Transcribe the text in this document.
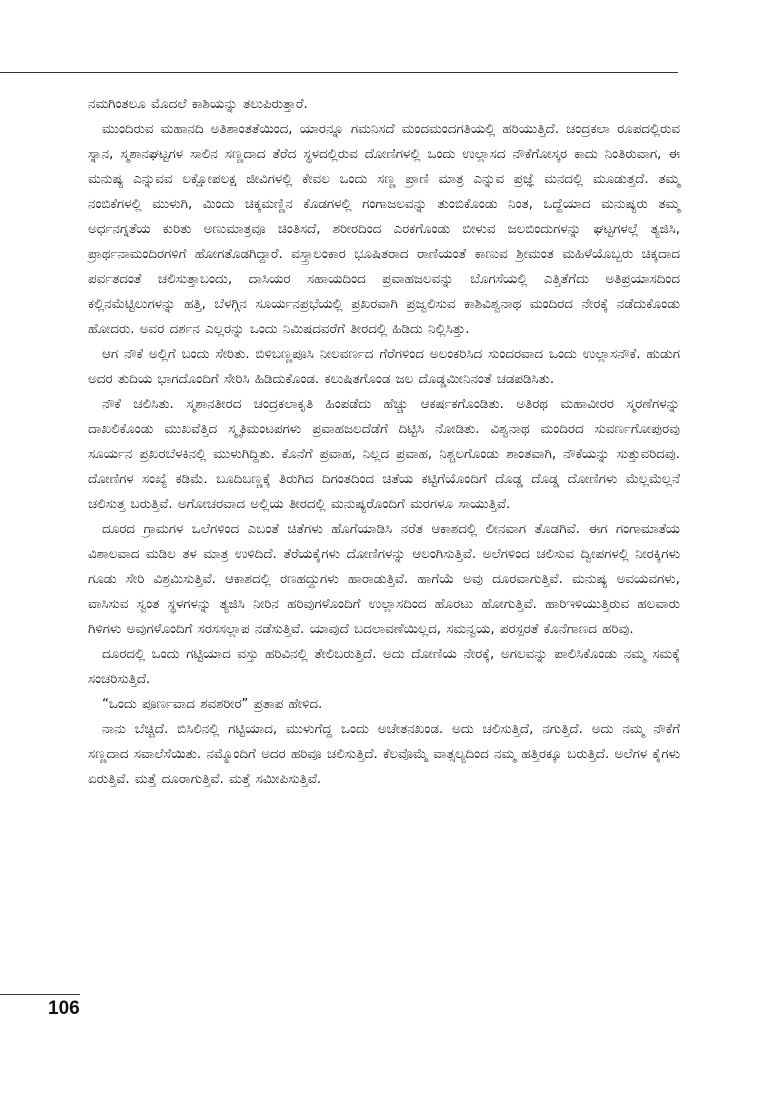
ನಮಗಿಂತಲೂ ಮೊದಲೆ ಕಾಶಿಯನ್ನು ತಲುಪಿರುತ್ತಾರೆ.

ಮುಂದಿರುವ ಮಹಾನದಿ ಅತಿಶಾಂತತೆಯಿಂದ, ಯಾರನ್ನೂ ಗಮನಿಸದೆ ಮಂದಮಂದಗತಿಯಲ್ಲಿ ಹರಿಯುತ್ತಿದೆ. ಚಂದ್ರಕಲಾ ರೂಪದಲ್ಲಿರುವ ಸ್ನಾನ, ಸ್ಮಶಾನಘಟ್ಟಗಳ ಸಾಲಿನ ಸಣ್ಣದಾದ ತೆರೆದ ಸ್ಥಳದಲ್ಲಿರುವ ದೋಣಿಗಳಲ್ಲಿ ಒಂದು ಉಲ್ಲಾಸದ ನೌಕೆಗೋಸ್ಕರ ಕಾದು ನಿಂತಿರುವಾಗ, ಈ ಮನುಷ್ಯ ಎನ್ನುವವ ಲಕ್ಷೋಪಲಕ್ಷ ಜೀವಿಗಳಲ್ಲಿ ಕೇವಲ ಒಂದು ಸಣ್ಣ ಪ್ರಾಣಿ ಮಾತ್ರ ಎನ್ನುವ ಪ್ರಜ್ಞೆ ಮನದಲ್ಲಿ ಮೂಡುತ್ತದೆ. ತಮ್ಮ ನಂಬಿಕೆಗಳಲ್ಲಿ ಮುಳುಗಿ, ಮಿಂದು ಚಿಕ್ಕಮಣ್ಣಿನ ಕೊಡಗಳಲ್ಲಿ ಗಂಗಾಜಲವನ್ನು ತುಂಬಿಕೊಂಡು ನಿಂತ, ಒದ್ದೆಯಾದ ಮನುಷ್ಯರು ತಮ್ಮ ಅರ್ಧನಗ್ನತೆಯ ಕುರಿತು ಅಣುಮಾತ್ರವೂ ಚಿಂತಿಸದೆ, ಶರೀರದಿಂದ ಎರಕಗೊಂಡು ಬೀಳುವ ಜಲಬಿಂದುಗಳನ್ನು ಘಟ್ಟಗಳಲ್ಲೆ ತ್ಯಜಿಸಿ, ಪ್ರಾರ್ಥನಾಮಂದಿರಗಳಿಗೆ ಹೋಗತೊಡಗಿದ್ದಾರೆ. ವಸ್ತ್ರಾಲಂಕಾರ ಭೂಷಿತರಾದ ರಾಣಿಯಂತೆ ಕಾಣುವ ಶ್ರೀಮಂತ ಮಹಿಳೆಯೊಬ್ಬರು ಚಿಕ್ಕದಾದ ಪರ್ವತದಂತೆ ಚಲಿಸುತ್ತಾಬಂದು, ದಾಸಿಯರ ಸಹಾಯದಿಂದ ಪ್ರವಾಹಜಲವನ್ನು ಬೊಗಸೆಯಲ್ಲಿ ಎತ್ತಿತೆಗೆದು ಅತಿಪ್ರಯಾಸದಿಂದ ಕಲ್ಲಿನಮೆಟ್ಟಿಲುಗಳನ್ನು ಹತ್ತಿ, ಬೆಳಗ್ಗಿನ ಸೂರ್ಯನಪ್ರಭೆಯಲ್ಲಿ ಪ್ರಖರವಾಗಿ ಪ್ರಜ್ವಲಿಸುವ ಕಾಶಿವಿಶ್ವನಾಥ ಮಂದಿರದ ನೇರಕ್ಕೆ ನಡೆದುಕೊಂಡು ಹೋದರು. ಅವರ ದರ್ಶನ ಎಲ್ಲರನ್ನು ಒಂದು ನಿಮಿಷದವರೆಗೆ ತೀರದಲ್ಲಿ ಹಿಡಿದು ನಿಲ್ಲಿಸಿತ್ತು.

ಆಗ ನೌಕೆ ಅಲ್ಲಿಗೆ ಬಂದು ಸೇರಿತು. ಬಿಳಿಬಣ್ಣಪೂಸಿ ನೀಲವರ್ಣದ ಗೆರೆಗಳಿಂದ ಅಲಂಕರಿಸಿದ ಸುಂದರವಾದ ಒಂದು ಉಲ್ಲಾಸನೌಕೆ. ಹುಡುಗ ಅದರ ತುದಿಯ ಭಾಗದೊಂದಿಗೆ ಸೇರಿಸಿ ಹಿಡಿದುಕೊಂಡ. ಕಲುಷಿತಗೊಂಡ ಜಲ ದೊಡ್ಡಮೀನಿನಂತೆ ಚಡಪಡಿಸಿತು.

ನೌಕೆ ಚಲಿಸಿತು. ಸ್ಮಶಾನತೀರದ ಚಂದ್ರಕಲಾಕೃತಿ ಹಿಂಪಡೆದು ಹೆಚ್ಚು ಆಕರ್ಷಕಗೊಂಡಿತು. ಅತಿರಥ ಮಹಾವೀರರ ಸ್ಮರಣೆಗಳನ್ನು ದಾಖಲಿಕೊಂಡು ಮುಖವೆತ್ತಿದ ಸ್ಮೃತಿಮಂಟಪಗಳು ಪ್ರವಾಹಜಲದೆಡೆಗೆ ದಿಟ್ಟಿಸಿ ನೋಡಿತು. ವಿಶ್ವನಾಥ ಮಂದಿರದ ಸುವರ್ಣಗೋಪುರವು ಸೂರ್ಯನ ಪ್ರಖರಬೆಳಕಿನಲ್ಲಿ ಮುಳುಗಿದ್ದಿತು. ಕೊನೆಗೆ ಪ್ರವಾಹ, ನಿಲ್ಲದ ಪ್ರವಾಹ, ನಿಶ್ಚಲಗೊಂಡು ಶಾಂತವಾಗಿ, ನೌಕೆಯನ್ನು ಸುತ್ತುವರಿದವು. ದೋಣಿಗಳ ಸಂಖ್ಯೆ ಕಡಿಮೆ. ಬೂದಿಬಣ್ಣಕ್ಕೆ ತಿರುಗಿದ ದಿಗಂತದಿಂದ ಚಿತೆಯ ಕಟ್ಟಿಗೆಯೊಂದಿಗೆ ದೊಡ್ಡ ದೊಡ್ಡ ದೋಣಿಗಳು ಮೆಲ್ಲಮೆಲ್ಲನೆ ಚಲಿಸುತ್ತ ಬರುತ್ತಿವೆ. ಅಗೋಚರವಾದ ಅಲ್ಲಿಯ ತೀರದಲ್ಲಿ ಮನುಷ್ಯರೊಂದಿಗೆ ಮರಗಳೂ ಸಾಯುತ್ತಿವೆ.

ದೂರದ ಗ್ರಾಮಗಳ ಒಲೆಗಳಿಂದ ಎಬಂತೆ ಚಿತೆಗಳು ಹೊಗೆಯಾಡಿಸಿ ನರೆತ ಆಕಾಶದಲ್ಲಿ ಲೀನವಾಗ ತೊಡಗಿವೆ. ಈಗ ಗಂಗಾಮಾತೆಯ ವಿಶಾಲವಾದ ಮಡಿಲ ತಳ ಮಾತ್ರ ಉಳಿದಿದೆ. ತೆರೆಯಕೈಗಳು ದೋಣಿಗಳನ್ನು ಆಲಂಗಿಸುತ್ತಿವೆ. ಅಲೆಗಳಿಂದ ಚಲಿಸುವ ದ್ವೀಪಗಳಲ್ಲಿ ನೀರಕ್ಕಿಗಳು ಗೂಡು ಸೇರಿ ವಿಶ್ರಮಿಸುತ್ತಿವೆ. ಆಕಾಶದಲ್ಲಿ ರಣಹದ್ದುಗಳು ಹಾರಾಡುತ್ತಿವೆ. ಹಾಗೆಯೆ ಅವು ದೂರವಾಗುತ್ತಿವೆ. ಮನುಷ್ಯ ಅವಯವಗಳು, ವಾಸಿಸುವ ಸ್ವಂತ ಸ್ಥಳಗಳನ್ನು ತ್ಯಜಿಸಿ ನೀರಿನ ಹರಿವುಗಳೊಂದಿಗೆ ಉಲ್ಲಾಸದಿಂದ ಹೊರಟು ಹೋಗುತ್ತಿವೆ. ಹಾರಿಇಳಿಯುತ್ತಿರುವ ಹಲವಾರು ಗಿಳಿಗಳು ಅವುಗಳೊಂದಿಗೆ ಸರಸಸಲ್ಲಾಪ ನಡೆಸುತ್ತಿವೆ. ಯಾವುದೆ ಬದಲಾವಣೆಯಿಲ್ಲದ, ಸಮನ್ವಯ, ಪರಸ್ಪರತೆ ಕೊನೆಗಾಣದ ಹರಿವು.

ದೂರದಲ್ಲಿ ಒಂದು ಗಟ್ಟಿಯಾದ ವಸ್ತು ಹರಿವಿನಲ್ಲಿ ತೇಲಿಬರುತ್ತಿದೆ. ಅದು ದೋಣಿಯ ನೇರಕ್ಕೆ, ಅಗಲವನ್ನು ಪಾಲಿಸಿಕೊಂಡು ನಮ್ಮ ಸಮಕ್ಕೆ ಸಂಚರಿಸುತ್ತಿದೆ.

“ಒಂದು ಪೂರ್ಣವಾದ ಶವಶರೀರ” ಪ್ರತಾಪ ಹೇಳಿದ.

ನಾನು ಬೆಚ್ಚಿದೆ. ಬಿಸಿಲಿನಲ್ಲಿ ಗಟ್ಟಿಯಾದ, ಮುಳುಗೆದ್ದ ಒಂದು ಅಚೇತನಖಂಡ. ಅದು ಚಲಿಸುತ್ತಿದೆ, ನಗುತ್ತಿದೆ. ಅದು ನಮ್ಮ ನೌಕೆಗೆ ಸಣ್ಣದಾದ ಸವಾಲೆಸೆಯಿತು. ನಮ್ಮೊಂದಿಗೆ ಅದರ ಹರಿವೂ ಚಲಿಸುತ್ತಿದೆ. ಕೆಲವೊಮ್ಮೆ ವಾತ್ಸಲ್ಯದಿಂದ ನಮ್ಮ ಹತ್ತಿರಕ್ಕೂ ಬರುತ್ತಿದೆ. ಅಲೆಗಳ ಕೈಗಳು ಏರುತ್ತಿವೆ. ಮತ್ತೆ ದೂರಾಗುತ್ತಿವೆ. ಮತ್ತೆ ಸಮೀಪಿಸುತ್ತಿವೆ.

106
